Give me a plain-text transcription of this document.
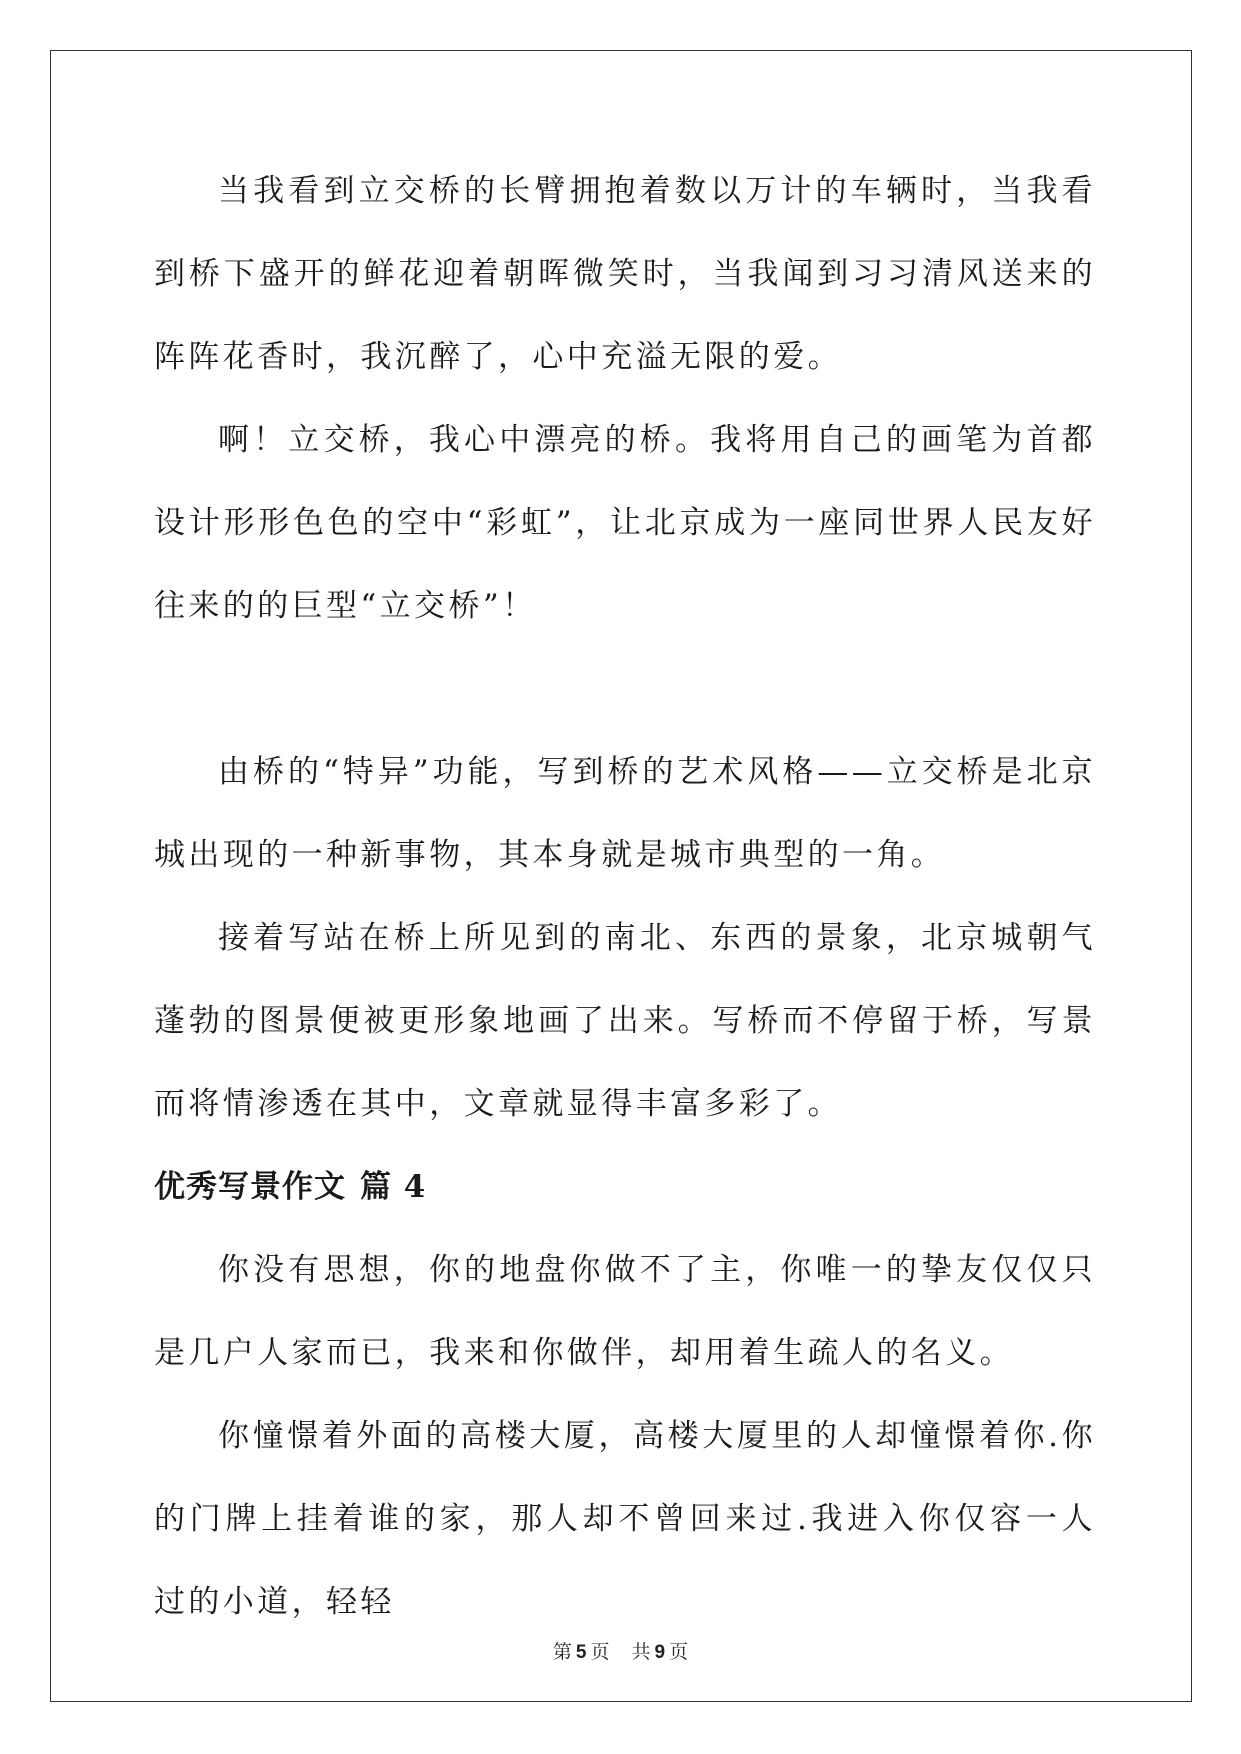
当我看到立交桥的长臂拥抱着数以万计的车辆时，当我看到桥下盛开的鲜花迎着朝晖微笑时，当我闻到习习清风送来的阵阵花香时，我沉醉了，心中充溢无限的爱。

啊！立交桥，我心中漂亮的桥。我将用自己的画笔为首都设计形形色色的空中“彩虹”，让北京成为一座同世界人民友好往来的的巨型“立交桥”！

由桥的“特异”功能，写到桥的艺术风格——立交桥是北京城出现的一种新事物，其本身就是城市典型的一角。

接着写站在桥上所见到的南北、东西的景象，北京城朝气蓬勃的图景便被更形象地画了出来。写桥而不停留于桥，写景而将情渗透在其中，文章就显得丰富多彩了。

优秀写景作文 篇 4

你没有思想，你的地盘你做不了主，你唯一的挚友仅仅只是几户人家而已，我来和你做伴，却用着生疏人的名义。

你憧憬着外面的高楼大厦，高楼大厦里的人却憧憬着你.你的门牌上挂着谁的家，那人却不曾回来过.我进入你仅容一人过的小道，轻轻

第 5 页 共 9 页
